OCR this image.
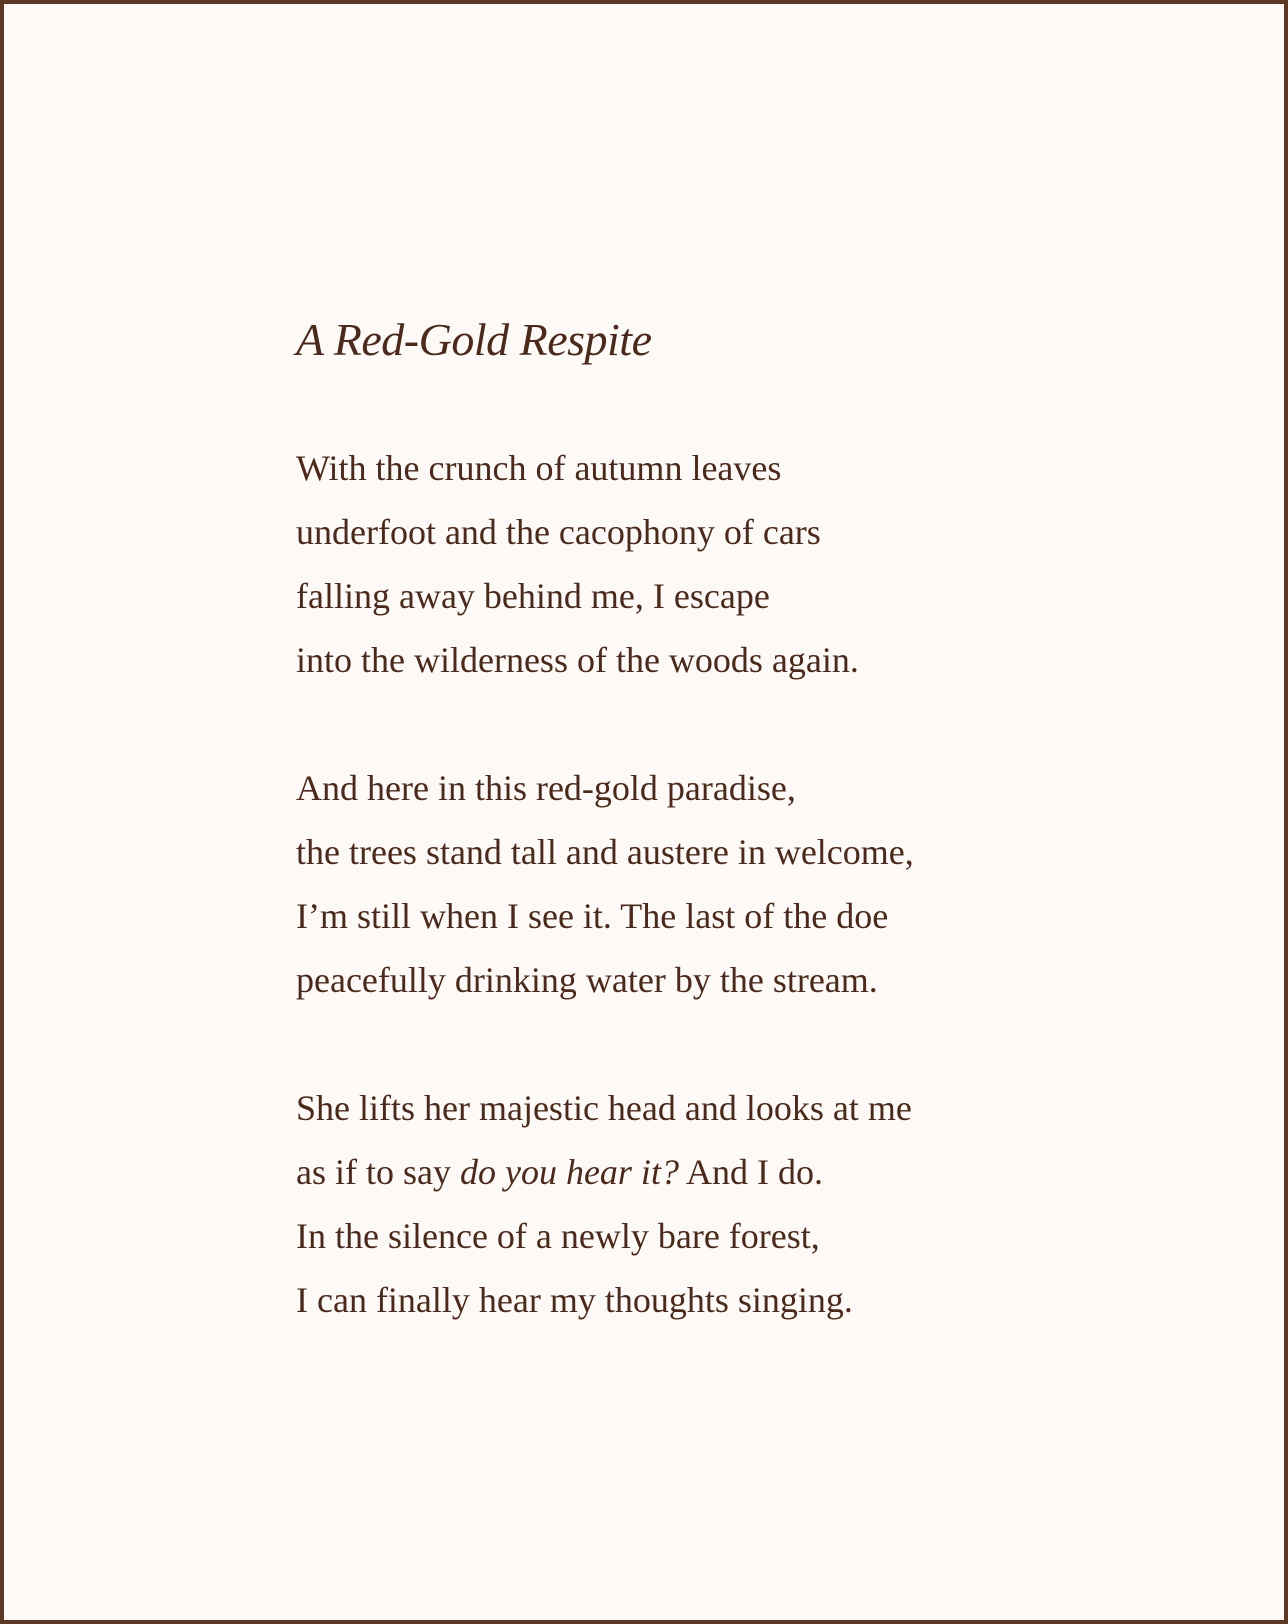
A Red-Gold Respite
With the crunch of autumn leaves
underfoot and the cacophony of cars
falling away behind me, I escape
into the wilderness of the woods again.
And here in this red-gold paradise,
the trees stand tall and austere in welcome,
I’m still when I see it. The last of the doe
peacefully drinking water by the stream.
She lifts her majestic head and looks at me
as if to say do you hear it? And I do.
In the silence of a newly bare forest,
I can finally hear my thoughts singing.
